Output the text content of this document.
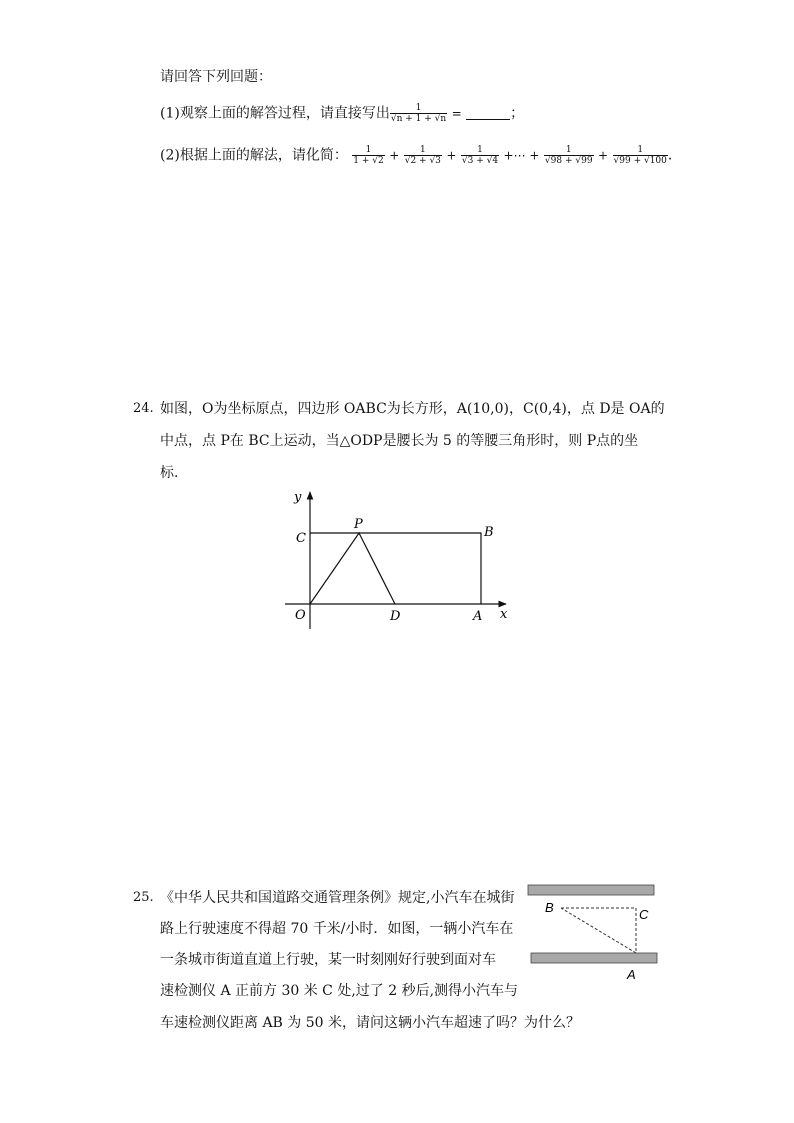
请回答下列回题：
(1)观察上面的解答过程，请直接写出 $\frac{1}{√n + 1 + √n}$ =	；
(2)根据上面的解法，请化简： $\frac{1}{1 + √2} + \frac{1}{√2 + √3} + \frac{1}{√3 + √4}$ +⋯ + $\frac{1}{√98 + √99} + \frac{1}{√99 + √100}$ .
24. 如图，O为坐标原点，四边形 OABC为长方形，A(10,0)，C(0,4)，点 D是 OA的
中点，点 P在 BC上运动，当△ODP是腰长为 5 的等腰三角形时，则 P点的坐
标.
y
x
O	A
B
C
D
P
25. 《中华人民共和国道路交通管理条例》规定,小汽车在城街
路上行驶速度不得超 70 千米/小时．如图，一辆小汽车在
一条城市街道直道上行驶，某一时刻刚好行驶到面对车
速检测仪 A 正前方 30 米 C 处,过了 2 秒后,测得小汽车与
车速检测仪距离 AB 为 50 米，请问这辆小汽车超速了吗？为什么？
B	C
A
